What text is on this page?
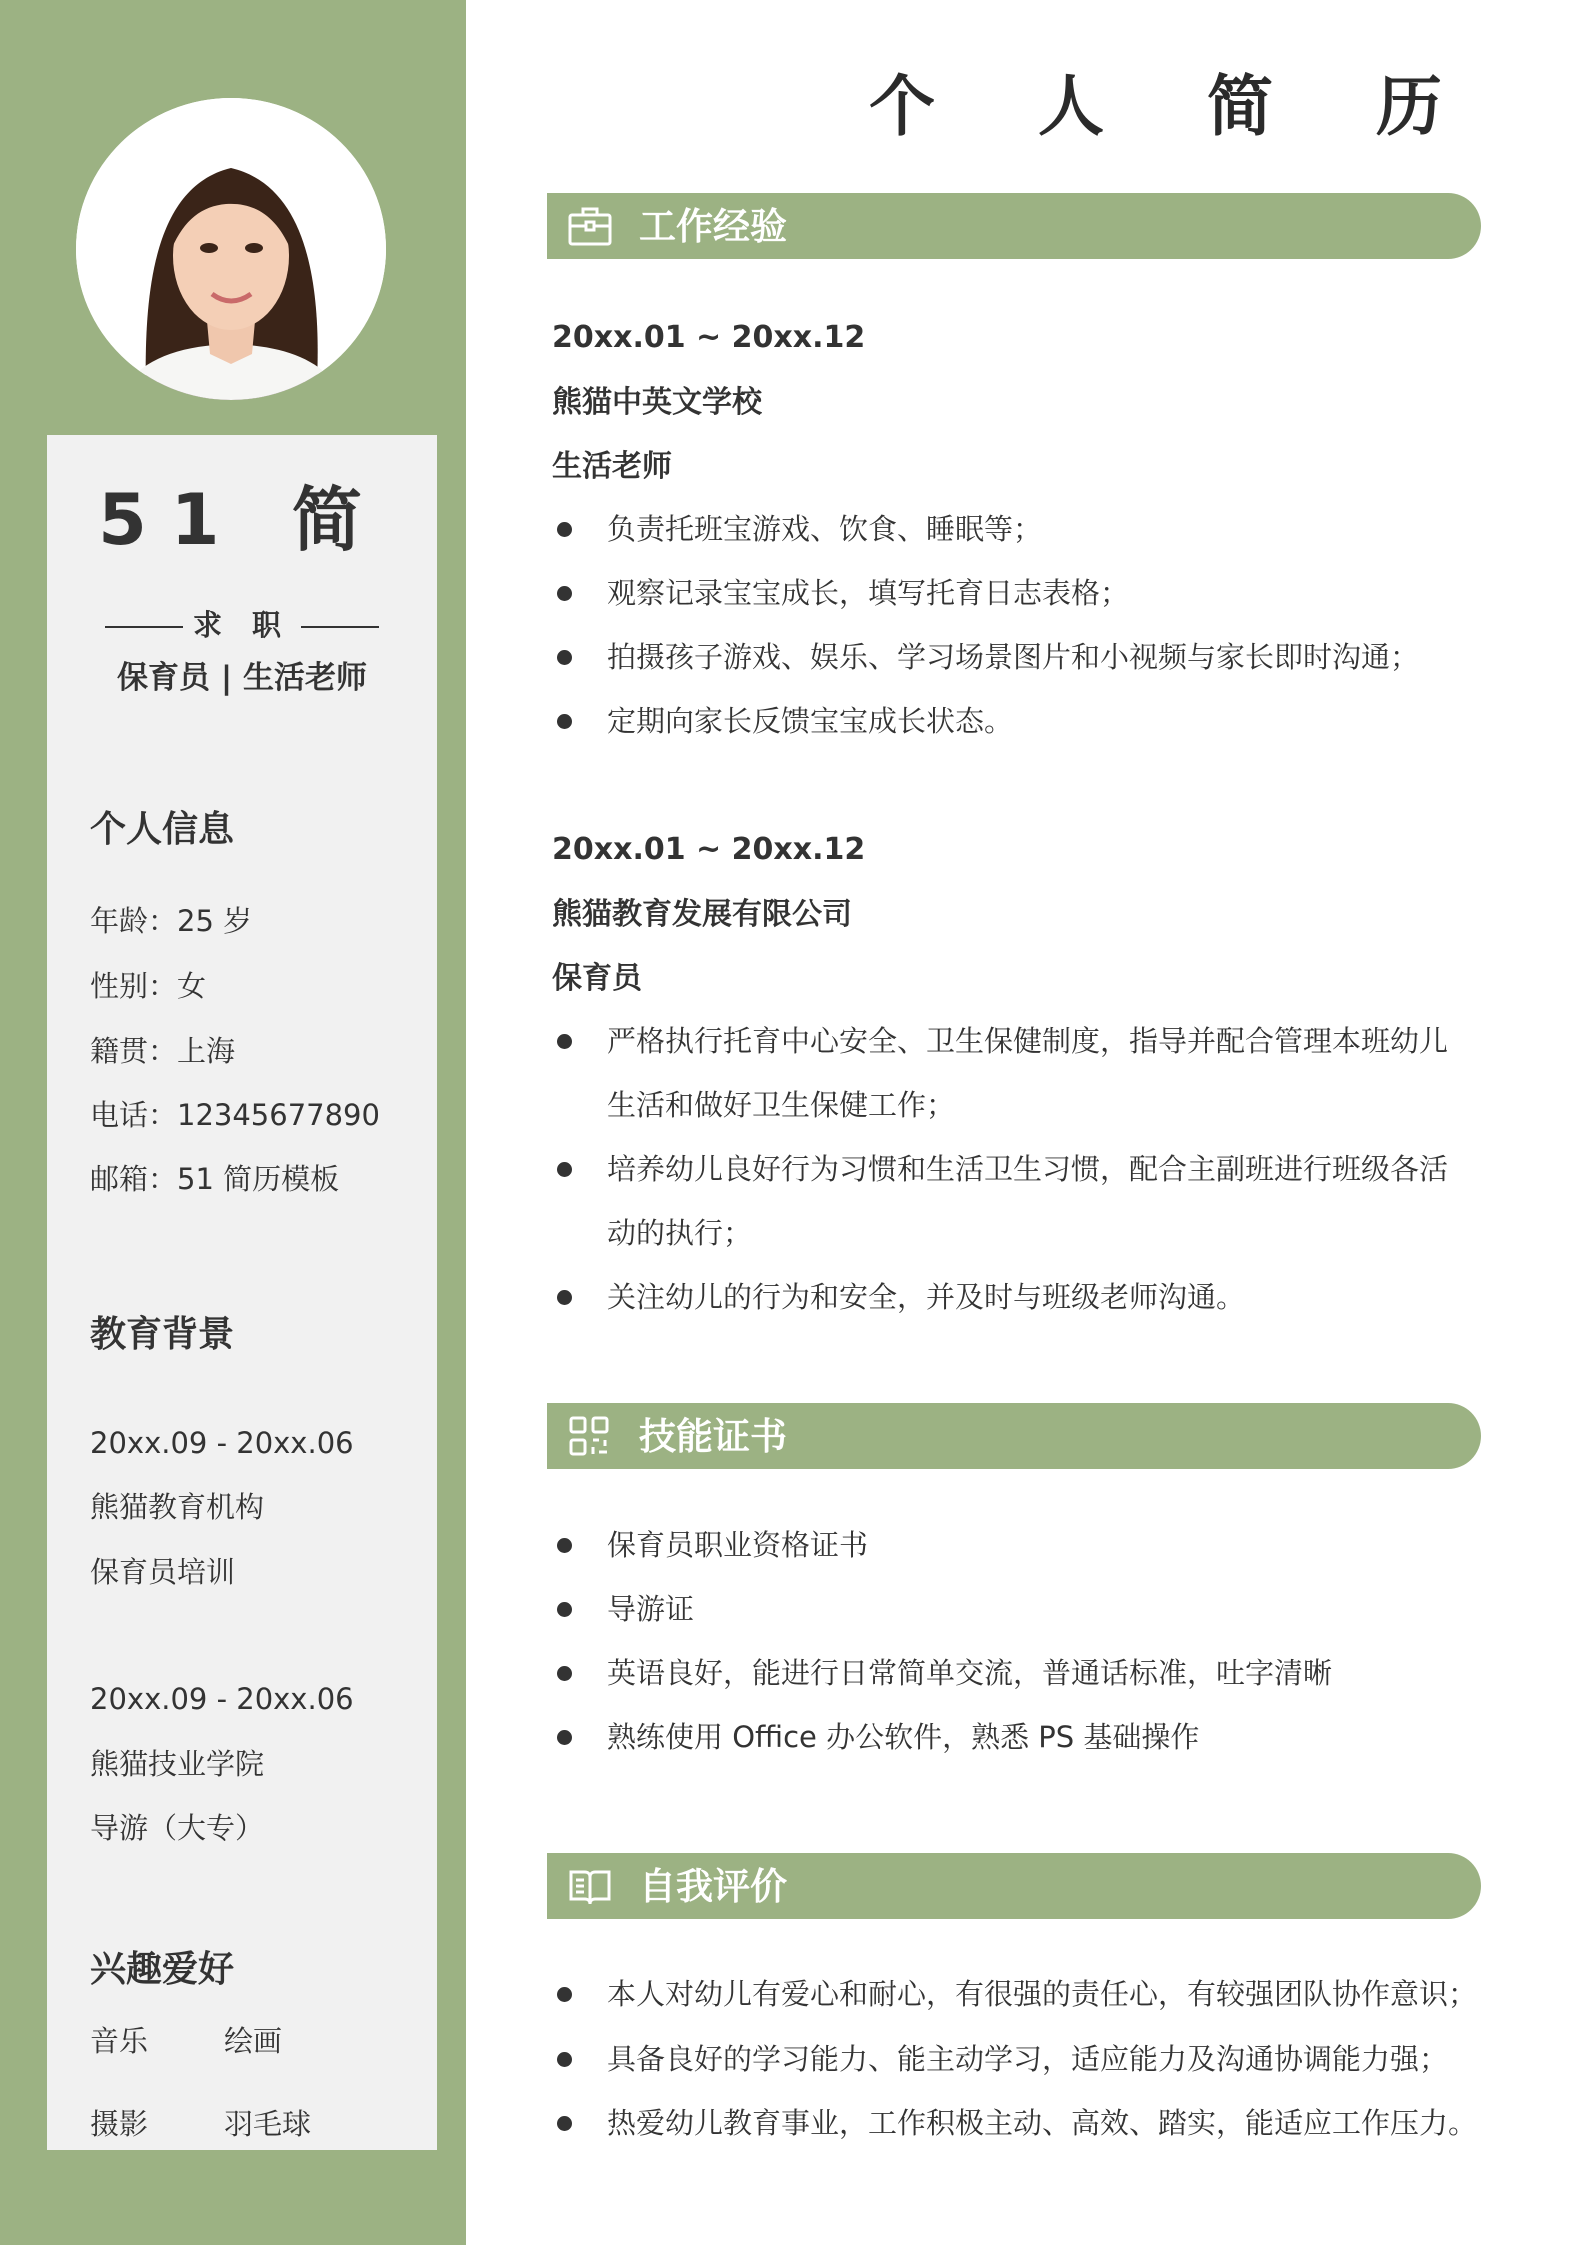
51 简
求 职
保育员 | 生活老师
个人信息
年龄：25 岁
性别：女
籍贯：上海
电话：12345677890
邮箱：51 简历模板
教育背景
20xx.09 - 20xx.06
熊猫教育机构
保育员培训
20xx.09 - 20xx.06
熊猫技业学院
导游（大专）
兴趣爱好
音乐	绘画
摄影	羽毛球
个 人 简 历
工作经验
20xx.01 ~ 20xx.12
熊猫中英文学校
生活老师
负责托班宝游戏、饮食、睡眠等；
观察记录宝宝成长，填写托育日志表格；
拍摄孩子游戏、娱乐、学习场景图片和小视频与家长即时沟通；
定期向家长反馈宝宝成长状态。
20xx.01 ~ 20xx.12
熊猫教育发展有限公司
保育员
严格执行托育中心安全、卫生保健制度，指导并配合管理本班幼儿
生活和做好卫生保健工作；
培养幼儿良好行为习惯和生活卫生习惯，配合主副班进行班级各活
动的执行；
关注幼儿的行为和安全，并及时与班级老师沟通。
技能证书
保育员职业资格证书
导游证
英语良好，能进行日常简单交流，普通话标准，吐字清晰
熟练使用 Office 办公软件，熟悉 PS 基础操作
自我评价
本人对幼儿有爱心和耐心，有很强的责任心，有较强团队协作意识；
具备良好的学习能力、能主动学习，适应能力及沟通协调能力强；
热爱幼儿教育事业，工作积极主动、高效、踏实，能适应工作压力。
